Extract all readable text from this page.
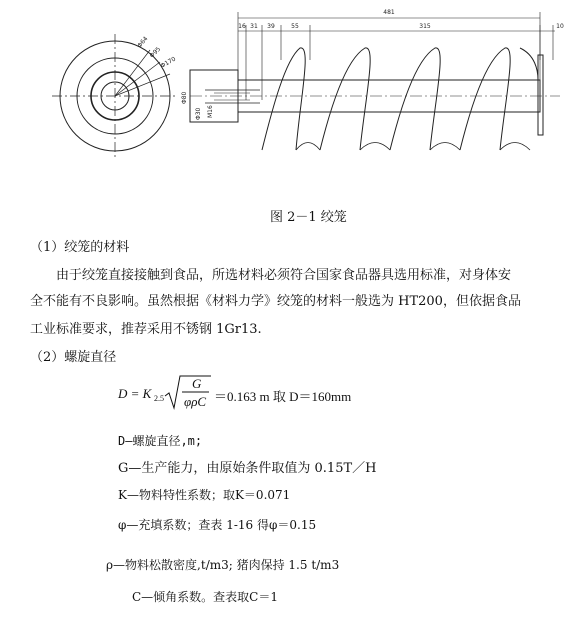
Φ64
Φ95
Φ170
481
16 31 39	55	315	10
Φ80
Φ30 M16
图 2－1 绞笼
（1）绞笼的材料
由于绞笼直接接触到食品，所选材料必须符合国家食品器具选用标准，对身体安
全不能有不良影响。虽然根据《材料力学》绞笼的材料一般选为 HT200，但依据食品
工业标准要求，推荐采用不锈钢 1Gr13.
（2）螺旋直径
D = K 2.5
G
φρC ＝0.163 m 取 D＝160mm
D—螺旋直径,m;
G—生产能力，由原始条件取值为 0.15T／H
K—物料特性系数；取K＝0.071
φ—充填系数；查表 1-16 得φ＝0.15
ρ—物料松散密度,t/m3; 猪肉保持 1.5 t/m3
C—倾角系数。查表取C＝1
